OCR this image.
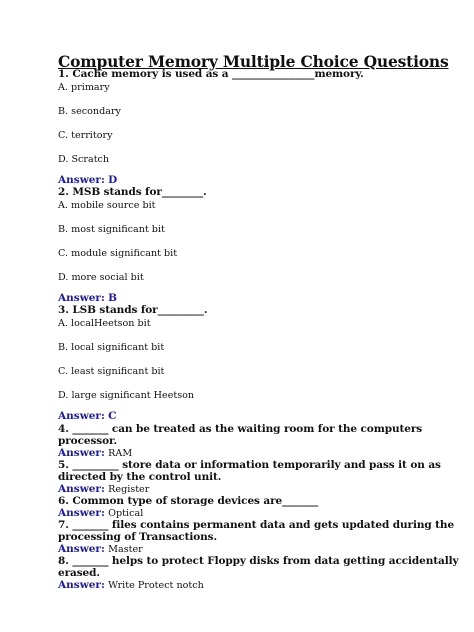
Computer Memory Multiple Choice Questions
1. Cache memory is used as a ________________memory.
A. primary
B. secondary
C. territory
D. Scratch
Answer: D
2. MSB stands for________.
A. mobile source bit
B. most significant bit
C. module significant bit
D. more social bit
Answer: B
3. LSB stands for_________.
A. localHeetson bit
B. local significant bit
C. least significant bit
D. large significant Heetson
Answer: C
4. _______ can be treated as the waiting room for the computers
processor.
Answer: RAM
5. _________ store data or information temporarily and pass it on as
directed by the control unit.
Answer: Register
6. Common type of storage devices are_______
Answer: Optical
7. _______ files contains permanent data and gets updated during the
processing of Transactions.
Answer: Master
8. _______ helps to protect Floppy disks from data getting accidentally
erased.
Answer: Write Protect notch
